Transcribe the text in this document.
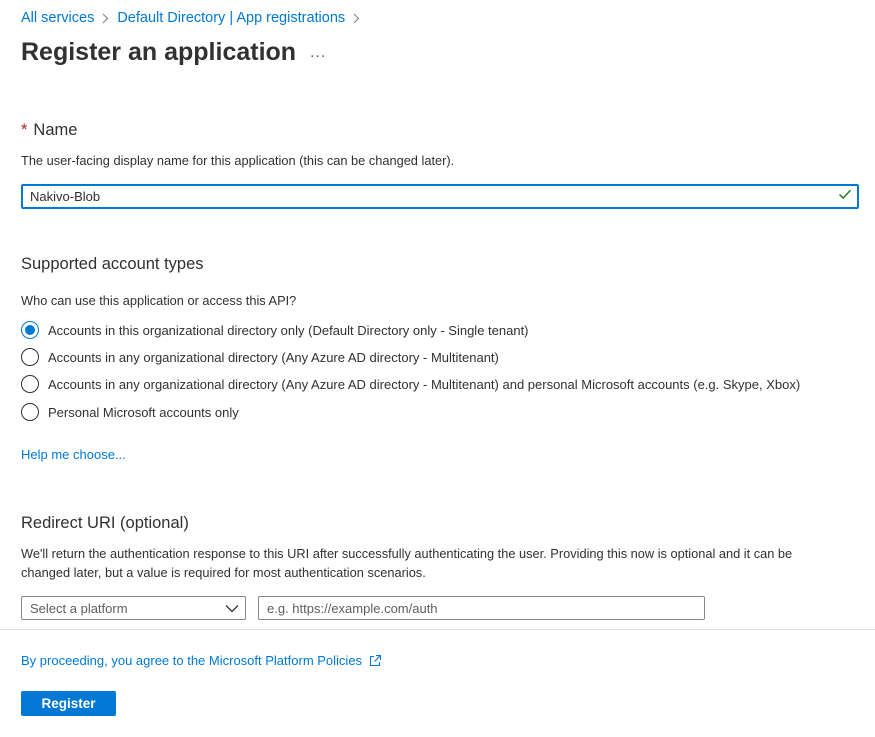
All services Default Directory | App registrations
Register an application ...
* Name
The user-facing display name for this application (this can be changed later).
Nakivo-Blob
Supported account types
Who can use this application or access this API?
Accounts in this organizational directory only (Default Directory only - Single tenant)
Accounts in any organizational directory (Any Azure AD directory - Multitenant)
Accounts in any organizational directory (Any Azure AD directory - Multitenant) and personal Microsoft accounts (e.g. Skype, Xbox)
Personal Microsoft accounts only
Help me choose...
Redirect URI (optional)
We'll return the authentication response to this URI after successfully authenticating the user. Providing this now is optional and it can be
changed later, but a value is required for most authentication scenarios.
Select a platform
e.g. https://example.com/auth
By proceeding, you agree to the Microsoft Platform Policies
Register
